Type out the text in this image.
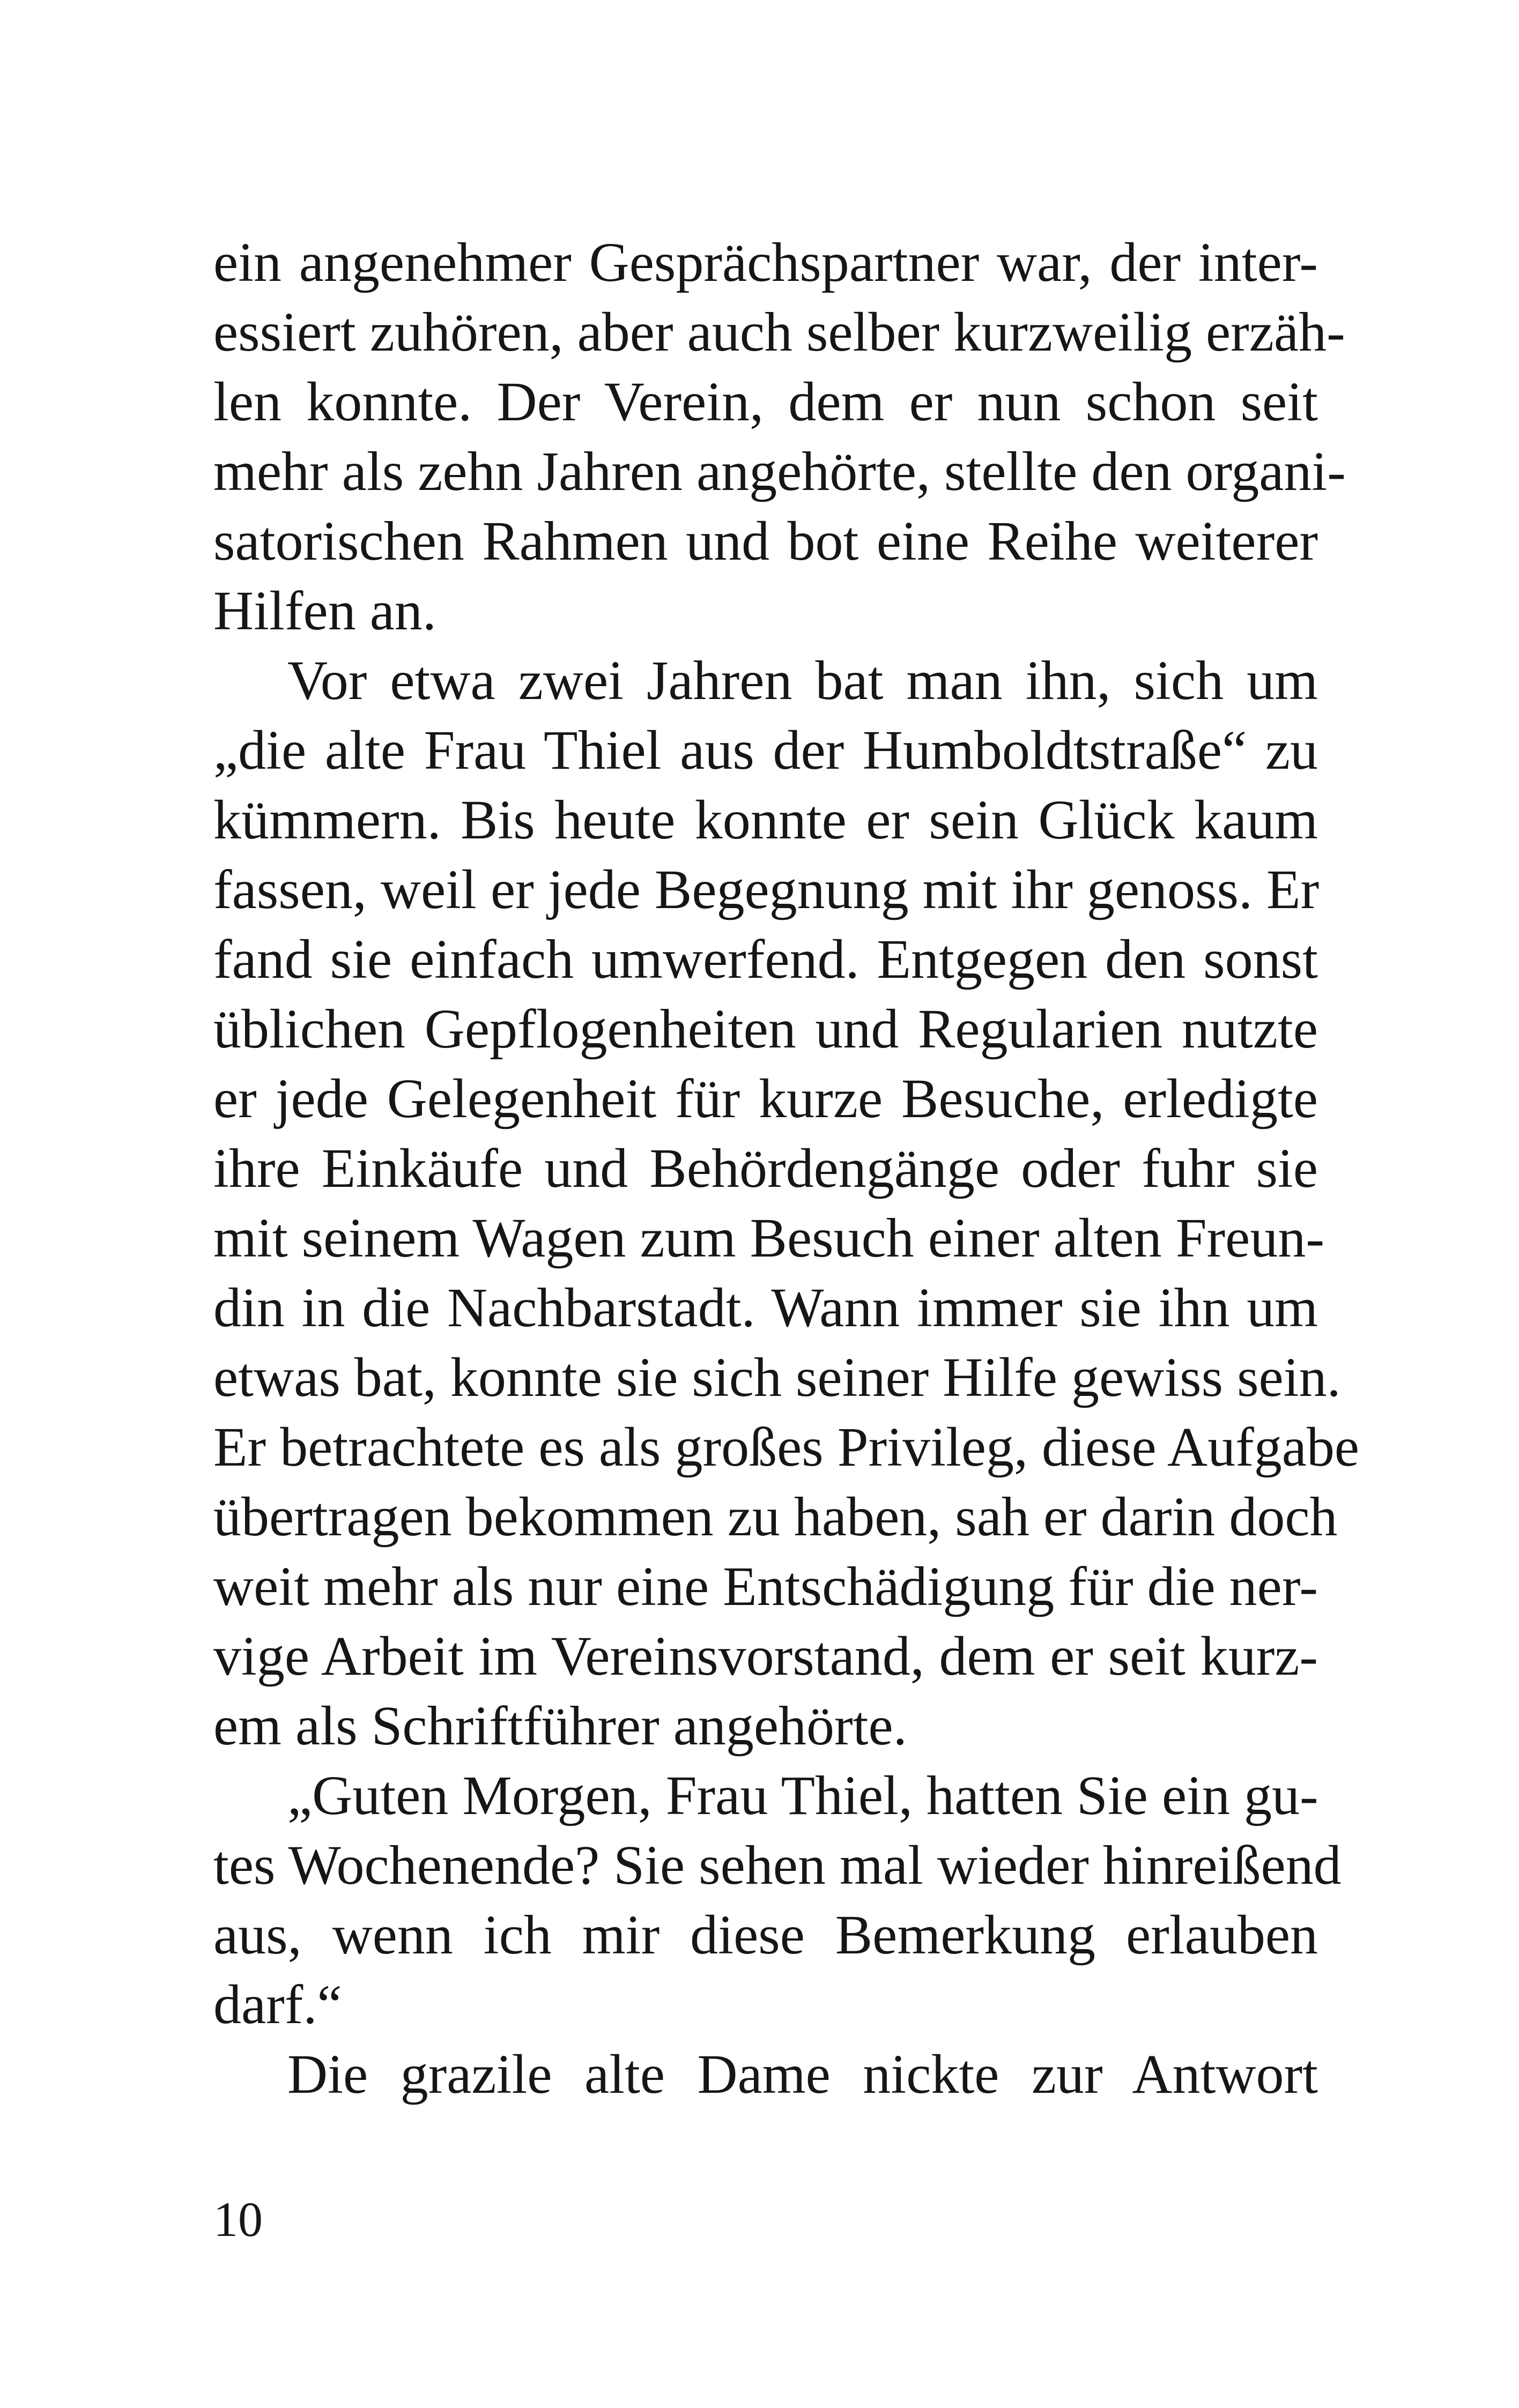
ein angenehmer Gesprächspartner war, der inter-
essiert zuhören, aber auch selber kurzweilig erzäh-
len konnte. Der Verein, dem er nun schon seit
mehr als zehn Jahren angehörte, stellte den organi-
satorischen Rahmen und bot eine Reihe weiterer
Hilfen an.
Vor etwa zwei Jahren bat man ihn, sich um
„die alte Frau Thiel aus der Humboldtstraße“ zu
kümmern. Bis heute konnte er sein Glück kaum
fassen, weil er jede Begegnung mit ihr genoss. Er
fand sie einfach umwerfend. Entgegen den sonst
üblichen Gepflogenheiten und Regularien nutzte
er jede Gelegenheit für kurze Besuche, erledigte
ihre Einkäufe und Behördengänge oder fuhr sie
mit seinem Wagen zum Besuch einer alten Freun-
din in die Nachbarstadt. Wann immer sie ihn um
etwas bat, konnte sie sich seiner Hilfe gewiss sein.
Er betrachtete es als großes Privileg, diese Aufgabe
übertragen bekommen zu haben, sah er darin doch
weit mehr als nur eine Entschädigung für die ner-
vige Arbeit im Vereinsvorstand, dem er seit kurz-
em als Schriftführer angehörte.
„Guten Morgen, Frau Thiel, hatten Sie ein gu-
tes Wochenende? Sie sehen mal wieder hinreißend
aus, wenn ich mir diese Bemerkung erlauben
darf.“
Die grazile alte Dame nickte zur Antwort
10
